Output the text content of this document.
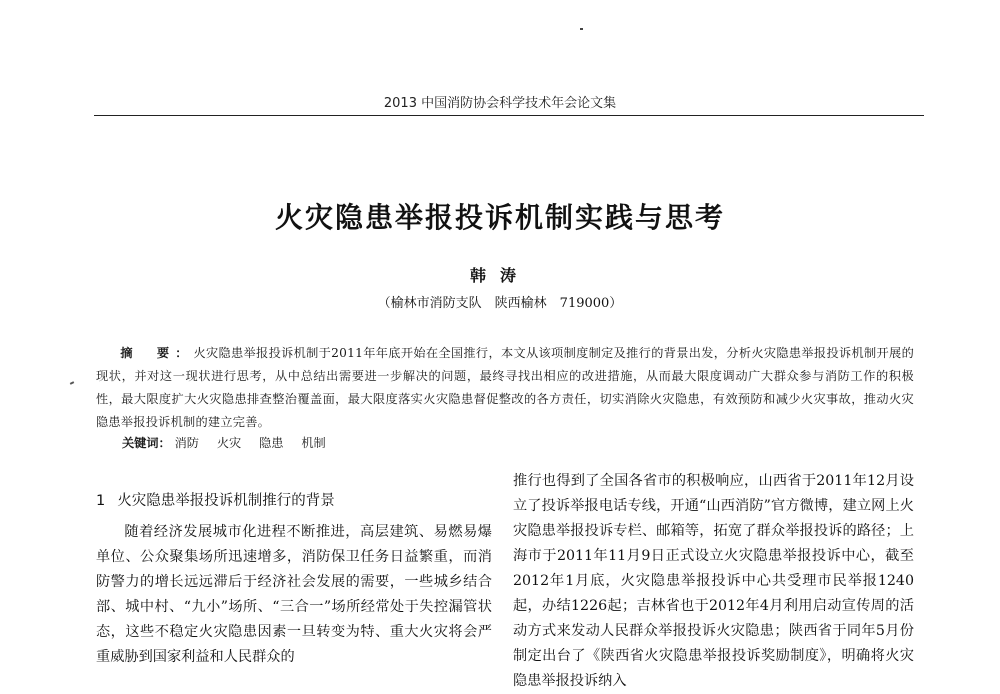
2013 中国消防协会科学技术年会论文集
火灾隐患举报投诉机制实践与思考
韩涛
（榆林市消防支队　陕西榆林　719000）
摘　要：火灾隐患举报投诉机制于2011年年底开始在全国推行，本文从该项制度制定及推行的背景出发，分析火灾隐患举报投诉机制开展的现状，并对这一现状进行思考，从中总结出需要进一步解决的问题，最终寻找出相应的改进措施，从而最大限度调动广大群众参与消防工作的积极性，最大限度扩大火灾隐患排查整治覆盖面，最大限度落实火灾隐患督促整改的各方责任，切实消除火灾隐患，有效预防和减少火灾事故，推动火灾隐患举报投诉机制的建立完善。
关键词： 消防 火灾 隐患 机制
1 火灾隐患举报投诉机制推行的背景
随着经济发展城市化进程不断推进，高层建筑、易燃易爆单位、公众聚集场所迅速增多，消防保卫任务日益繁重，而消防警力的增长远远滞后于经济社会发展的需要，一些城乡结合部、城中村、“九小”场所、“三合一”场所经常处于失控漏管状态，这些不稳定火灾隐患因素一旦转变为特、重大火灾将会严重威胁到国家利益和人民群众的
推行也得到了全国各省市的积极响应，山西省于2011年12月设立了投诉举报电话专线，开通“山西消防”官方微博，建立网上火灾隐患举报投诉专栏、邮箱等，拓宽了群众举报投诉的路径；上海市于2011年11月9日正式设立火灾隐患举报投诉中心，截至2012年1月底，火灾隐患举报投诉中心共受理市民举报1240起，办结1226起；吉林省也于2012年4月利用启动宣传周的活动方式来发动人民群众举报投诉火灾隐患；陕西省于同年5月份制定出台了《陕西省火灾隐患举报投诉奖励制度》，明确将火灾隐患举报投诉纳入
